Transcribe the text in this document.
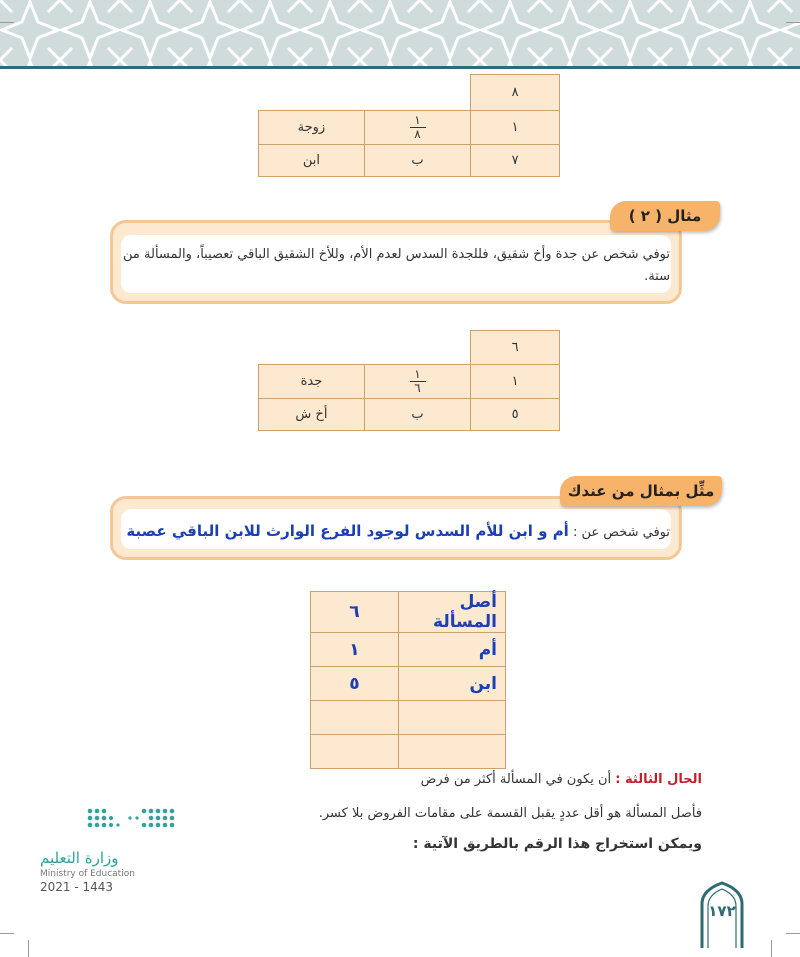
٨		
١	$\frac{١}{٨}$	زوجة
٧	ب	ابن
مثال ( ٢ )
توفي شخص عن جدة وأخ شقيق، فللجدة السدس لعدم الأم، وللأخ الشقيق الباقي تعصيباً، والمسألة من ستة.
٦		
١	$\frac{١}{٦}$	جدة
٥	ب	أخ ش
مثِّل بمثال من عندك
توفي شخص عن : أم و ابن للأم السدس لوجود الفرع الوارث للابن الباقي عصبة
أصل المسألة	٦
أم	١
ابن	٥

الحال الثالثة : أن يكون في المسألة أكثر من فرض
فأصل المسألة هو أقل عددٍ يقبل القسمة على مقامات الفروض بلا كسر.
ويمكن استخراج هذا الرقم بالطريق الآتية :
وزارة التعليم
Ministry of Education
2021 - 1443
١٧٢
